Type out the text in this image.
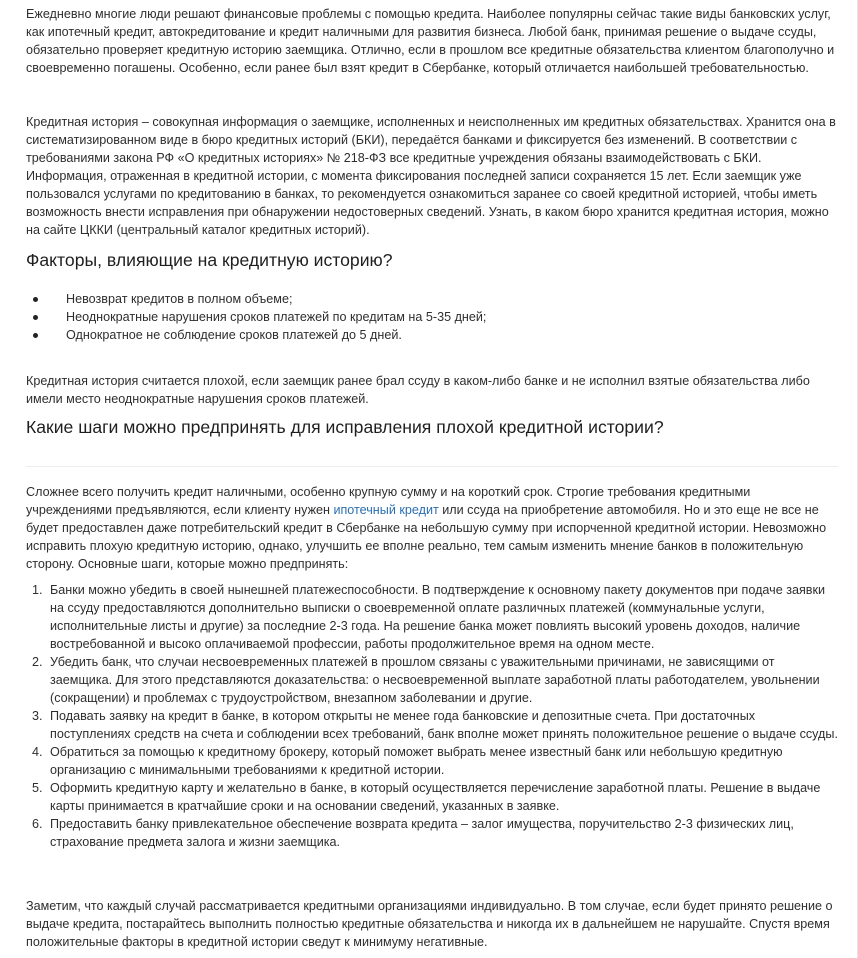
Ежедневно многие люди решают финансовые проблемы с помощью кредита. Наиболее популярны сейчас такие виды банковских услуг, как ипотечный кредит, автокредитование и кредит наличными для развития бизнеса. Любой банк, принимая решение о выдаче ссуды, обязательно проверяет кредитную историю заемщика. Отлично, если в прошлом все кредитные обязательства клиентом благополучно и своевременно погашены. Особенно, если ранее был взят кредит в Сбербанке, который отличается наибольшей требовательностью.

Кредитная история – совокупная информация о заемщике, исполненных и неисполненных им кредитных обязательствах. Хранится она в систематизированном виде в бюро кредитных историй (БКИ), передаётся банками и фиксируется без изменений. В соответствии с требованиями закона РФ «О кредитных историях» № 218-ФЗ все кредитные учреждения обязаны взаимодействовать с БКИ. Информация, отраженная в кредитной истории, с момента фиксирования последней записи сохраняется 15 лет. Если заемщик уже пользовался услугами по кредитованию в банках, то рекомендуется ознакомиться заранее со своей кредитной историей, чтобы иметь возможность внести исправления при обнаружении недостоверных сведений. Узнать, в каком бюро хранится кредитная история, можно на сайте ЦККИ (центральный каталог кредитных историй).

Факторы, влияющие на кредитную историю?
Невозврат кредитов в полном объеме;
Неоднократные нарушения сроков платежей по кредитам на 5-35 дней;
Однократное не соблюдение сроков платежей до 5 дней.

Кредитная история считается плохой, если заемщик ранее брал ссуду в каком-либо банке и не исполнил взятые обязательства либо имели место неоднократные нарушения сроков платежей.

Какие шаги можно предпринять для исправления плохой кредитной истории?

Сложнее всего получить кредит наличными, особенно крупную сумму и на короткий срок. Строгие требования кредитными учреждениями предъявляются, если клиенту нужен ипотечный кредит или ссуда на приобретение автомобиля. Но и это еще не все не будет предоставлен даже потребительский кредит в Сбербанке на небольшую сумму при испорченной кредитной истории. Невозможно исправить плохую кредитную историю, однако, улучшить ее вполне реально, тем самым изменить мнение банков в положительную сторону. Основные шаги, которые можно предпринять:

1. Банки можно убедить в своей нынешней платежеспособности. В подтверждение к основному пакету документов при подаче заявки на ссуду предоставляются дополнительно выписки о своевременной оплате различных платежей (коммунальные услуги, исполнительные листы и другие) за последние 2-3 года. На решение банка может повлиять высокий уровень доходов, наличие востребованной и высоко оплачиваемой профессии, работы продолжительное время на одном месте.
2. Убедить банк, что случаи несвоевременных платежей в прошлом связаны с уважительными причинами, не зависящими от заемщика. Для этого представляются доказательства: о несвоевременной выплате заработной платы работодателем, увольнении (сокращении) и проблемах с трудоустройством, внезапном заболевании и другие.
3. Подавать заявку на кредит в банке, в котором открыты не менее года банковские и депозитные счета. При достаточных поступлениях средств на счета и соблюдении всех требований, банк вполне может принять положительное решение о выдаче ссуды.
4. Обратиться за помощью к кредитному брокеру, который поможет выбрать менее известный банк или небольшую кредитную организацию с минимальными требованиями к кредитной истории.
5. Оформить кредитную карту и желательно в банке, в который осуществляется перечисление заработной платы. Решение в выдаче карты принимается в кратчайшие сроки и на основании сведений, указанных в заявке.
6. Предоставить банку привлекательное обеспечение возврата кредита – залог имущества, поручительство 2-3 физических лиц, страхование предмета залога и жизни заемщика.

Заметим, что каждый случай рассматривается кредитными организациями индивидуально. В том случае, если будет принято решение о выдаче кредита, постарайтесь выполнить полностью кредитные обязательства и никогда их в дальнейшем не нарушайте. Спустя время положительные факторы в кредитной истории сведут к минимуму негативные.
